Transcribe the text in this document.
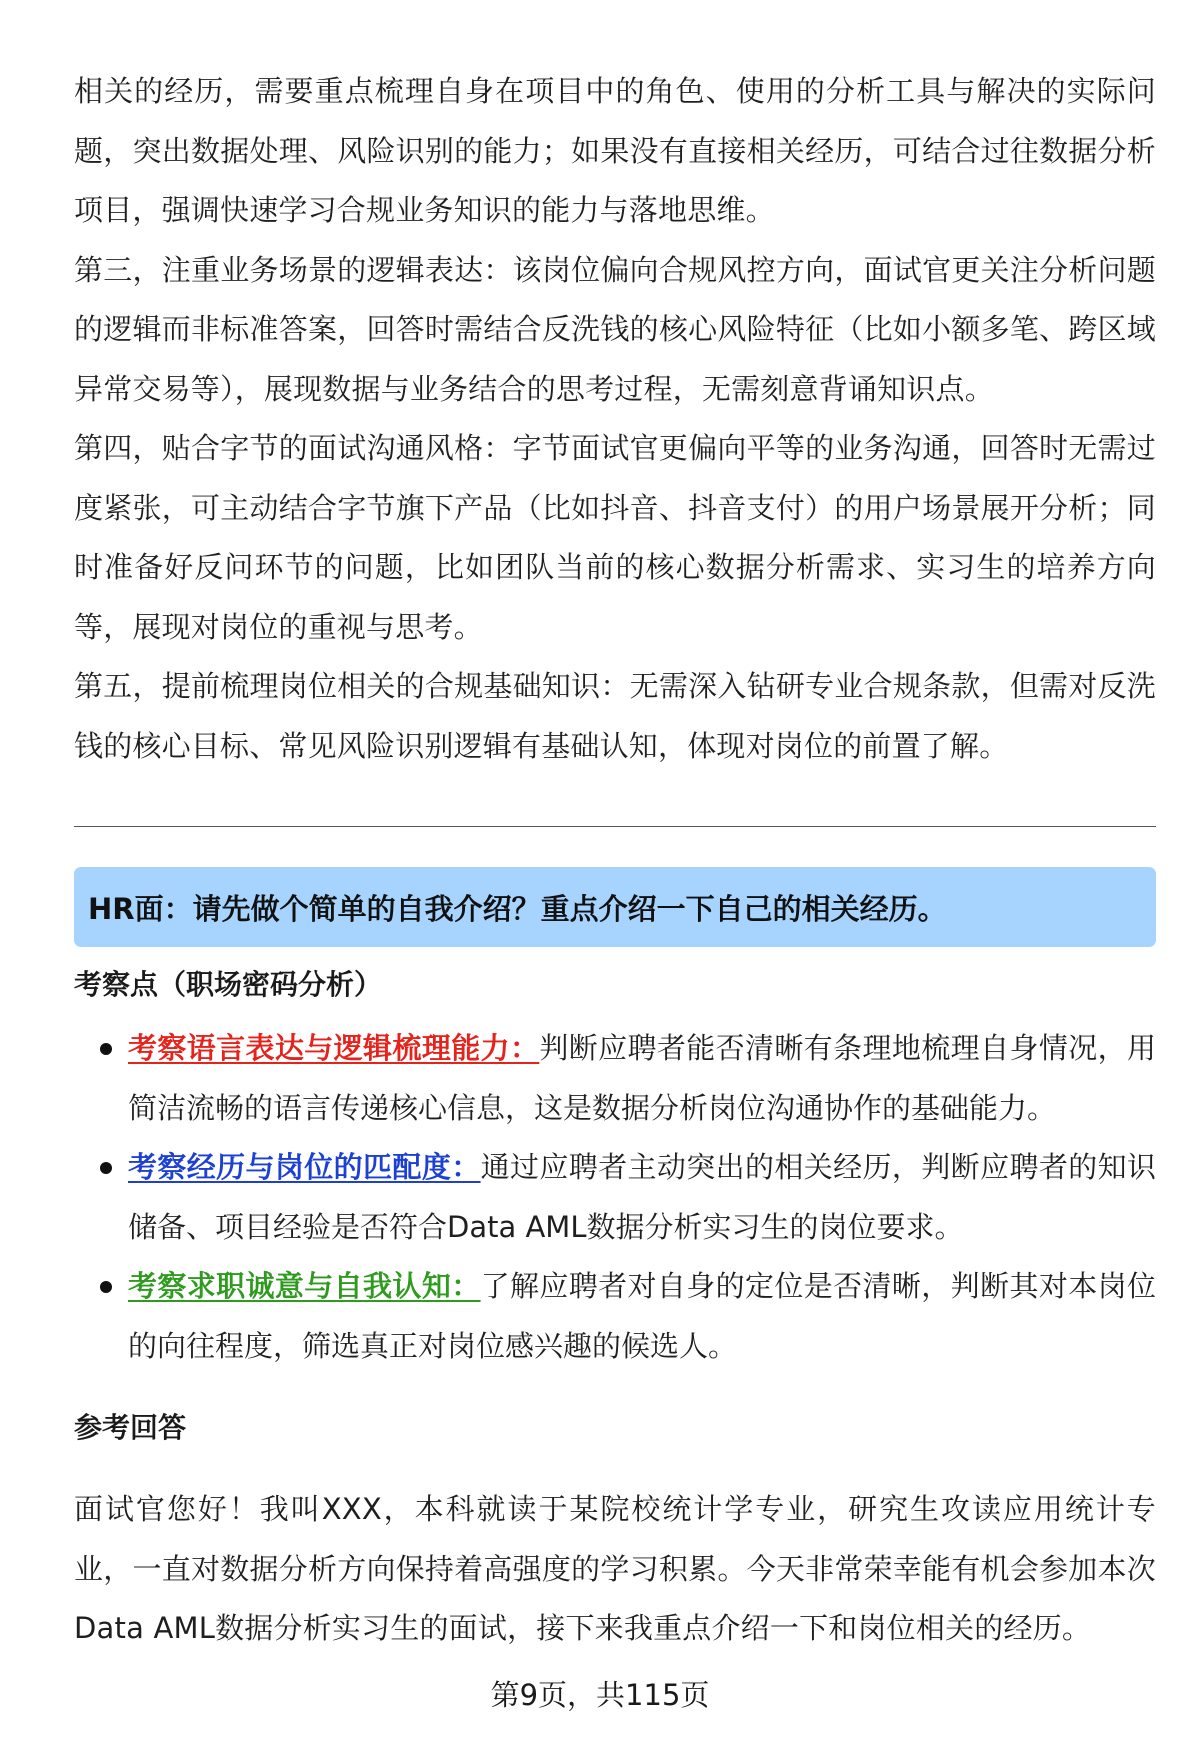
相关的经历，需要重点梳理自身在项目中的角色、使用的分析工具与解决的实际问题，突出数据处理、风险识别的能力；如果没有直接相关经历，可结合过往数据分析项目，强调快速学习合规业务知识的能力与落地思维。

第三，注重业务场景的逻辑表达：该岗位偏向合规风控方向，面试官更关注分析问题的逻辑而非标准答案，回答时需结合反洗钱的核心风险特征（比如小额多笔、跨区域异常交易等），展现数据与业务结合的思考过程，无需刻意背诵知识点。

第四，贴合字节的面试沟通风格：字节面试官更偏向平等的业务沟通，回答时无需过度紧张，可主动结合字节旗下产品（比如抖音、抖音支付）的用户场景展开分析；同时准备好反问环节的问题，比如团队当前的核心数据分析需求、实习生的培养方向等，展现对岗位的重视与思考。

第五，提前梳理岗位相关的合规基础知识：无需深入钻研专业合规条款，但需对反洗钱的核心目标、常见风险识别逻辑有基础认知，体现对岗位的前置了解。

HR面：请先做个简单的自我介绍？重点介绍一下自己的相关经历。

考察点（职场密码分析）

考察语言表达与逻辑梳理能力：判断应聘者能否清晰有条理地梳理自身情况，用简洁流畅的语言传递核心信息，这是数据分析岗位沟通协作的基础能力。
考察经历与岗位的匹配度：通过应聘者主动突出的相关经历，判断应聘者的知识储备、项目经验是否符合Data AML数据分析实习生的岗位要求。
考察求职诚意与自我认知：了解应聘者对自身的定位是否清晰，判断其对本岗位的向往程度，筛选真正对岗位感兴趣的候选人。

参考回答

面试官您好！我叫XXX，本科就读于某院校统计学专业，研究生攻读应用统计专业，一直对数据分析方向保持着高强度的学习积累。今天非常荣幸能有机会参加本次Data AML数据分析实习生的面试，接下来我重点介绍一下和岗位相关的经历。

第9页，共115页
